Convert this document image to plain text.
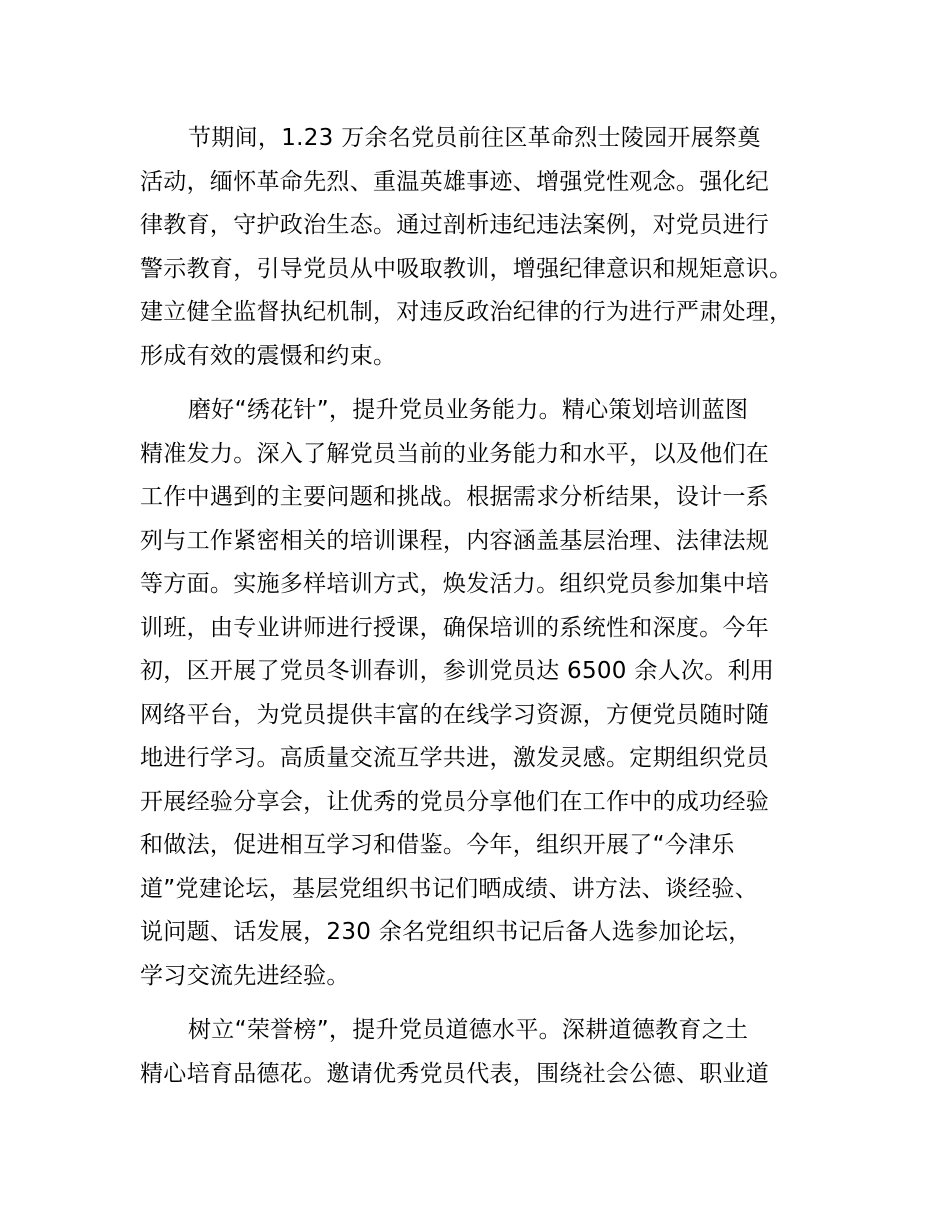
节期间，1.23 万余名党员前往区革命烈士陵园开展祭奠
活动，缅怀革命先烈、重温英雄事迹、增强党性观念。强化纪
律教育，守护政治生态。通过剖析违纪违法案例，对党员进行
警示教育，引导党员从中吸取教训，增强纪律意识和规矩意识。
建立健全监督执纪机制，对违反政治纪律的行为进行严肃处理，
形成有效的震慑和约束。
磨好“绣花针”，提升党员业务能力。精心策划培训蓝图
精准发力。深入了解党员当前的业务能力和水平，以及他们在
工作中遇到的主要问题和挑战。根据需求分析结果，设计一系
列与工作紧密相关的培训课程，内容涵盖基层治理、法律法规
等方面。实施多样培训方式，焕发活力。组织党员参加集中培
训班，由专业讲师进行授课，确保培训的系统性和深度。今年
初，区开展了党员冬训春训，参训党员达 6500 余人次。利用
网络平台，为党员提供丰富的在线学习资源，方便党员随时随
地进行学习。高质量交流互学共进，激发灵感。定期组织党员
开展经验分享会，让优秀的党员分享他们在工作中的成功经验
和做法，促进相互学习和借鉴。今年，组织开展了“今津乐
道”党建论坛，基层党组织书记们晒成绩、讲方法、谈经验、
说问题、话发展，230 余名党组织书记后备人选参加论坛，
学习交流先进经验。
树立“荣誉榜”，提升党员道德水平。深耕道德教育之土
精心培育品德花。邀请优秀党员代表，围绕社会公德、职业道
